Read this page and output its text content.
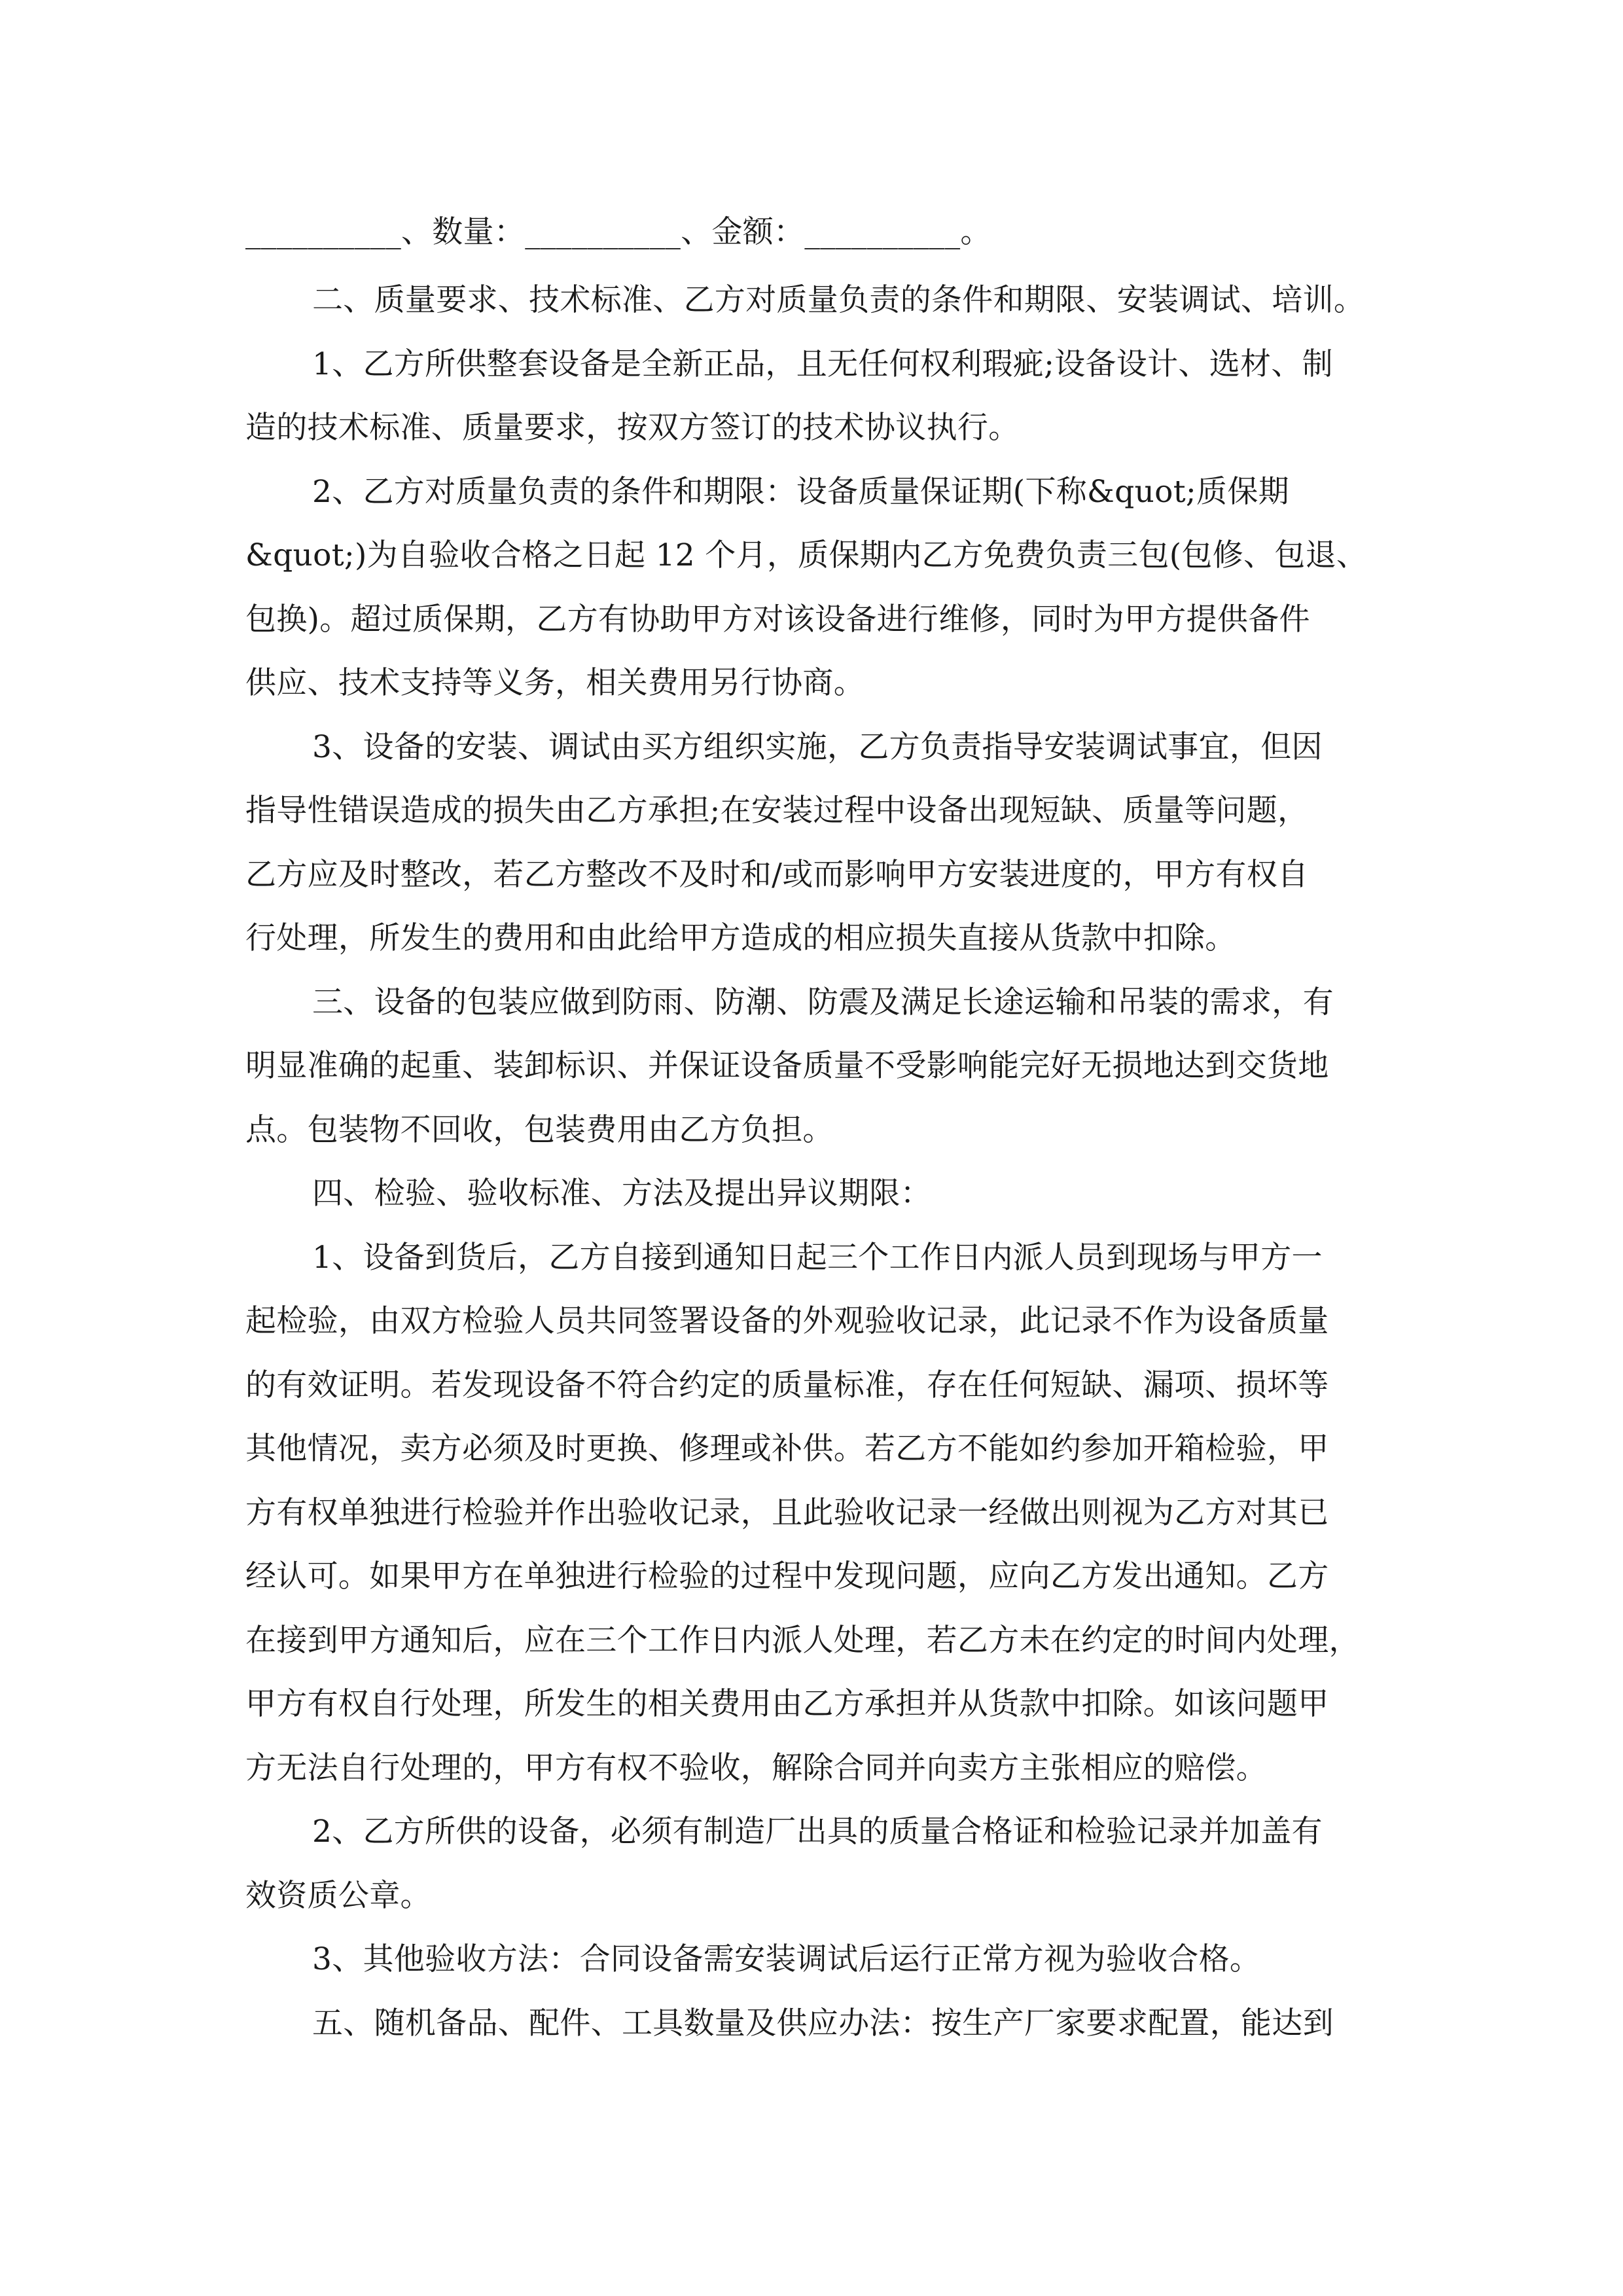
__________、数量：__________、金额：__________。
二、质量要求、技术标准、乙方对质量负责的条件和期限、安装调试、培训。
1、乙方所供整套设备是全新正品，且无任何权利瑕疵;设备设计、选材、制
造的技术标准、质量要求，按双方签订的技术协议执行。
2、乙方对质量负责的条件和期限：设备质量保证期(下称&quot;质保期
&quot;)为自验收合格之日起 12 个月，质保期内乙方免费负责三包(包修、包退、
包换)。超过质保期，乙方有协助甲方对该设备进行维修，同时为甲方提供备件
供应、技术支持等义务，相关费用另行协商。
3、设备的安装、调试由买方组织实施，乙方负责指导安装调试事宜，但因
指导性错误造成的损失由乙方承担;在安装过程中设备出现短缺、质量等问题，
乙方应及时整改，若乙方整改不及时和/或而影响甲方安装进度的，甲方有权自
行处理，所发生的费用和由此给甲方造成的相应损失直接从货款中扣除。
三、设备的包装应做到防雨、防潮、防震及满足长途运输和吊装的需求，有
明显准确的起重、装卸标识、并保证设备质量不受影响能完好无损地达到交货地
点。包装物不回收，包装费用由乙方负担。
四、检验、验收标准、方法及提出异议期限：
1、设备到货后，乙方自接到通知日起三个工作日内派人员到现场与甲方一
起检验，由双方检验人员共同签署设备的外观验收记录，此记录不作为设备质量
的有效证明。若发现设备不符合约定的质量标准，存在任何短缺、漏项、损坏等
其他情况，卖方必须及时更换、修理或补供。若乙方不能如约参加开箱检验，甲
方有权单独进行检验并作出验收记录，且此验收记录一经做出则视为乙方对其已
经认可。如果甲方在单独进行检验的过程中发现问题，应向乙方发出通知。乙方
在接到甲方通知后，应在三个工作日内派人处理，若乙方未在约定的时间内处理，
甲方有权自行处理，所发生的相关费用由乙方承担并从货款中扣除。如该问题甲
方无法自行处理的，甲方有权不验收，解除合同并向卖方主张相应的赔偿。
2、乙方所供的设备，必须有制造厂出具的质量合格证和检验记录并加盖有
效资质公章。
3、其他验收方法：合同设备需安装调试后运行正常方视为验收合格。
五、随机备品、配件、工具数量及供应办法：按生产厂家要求配置，能达到
